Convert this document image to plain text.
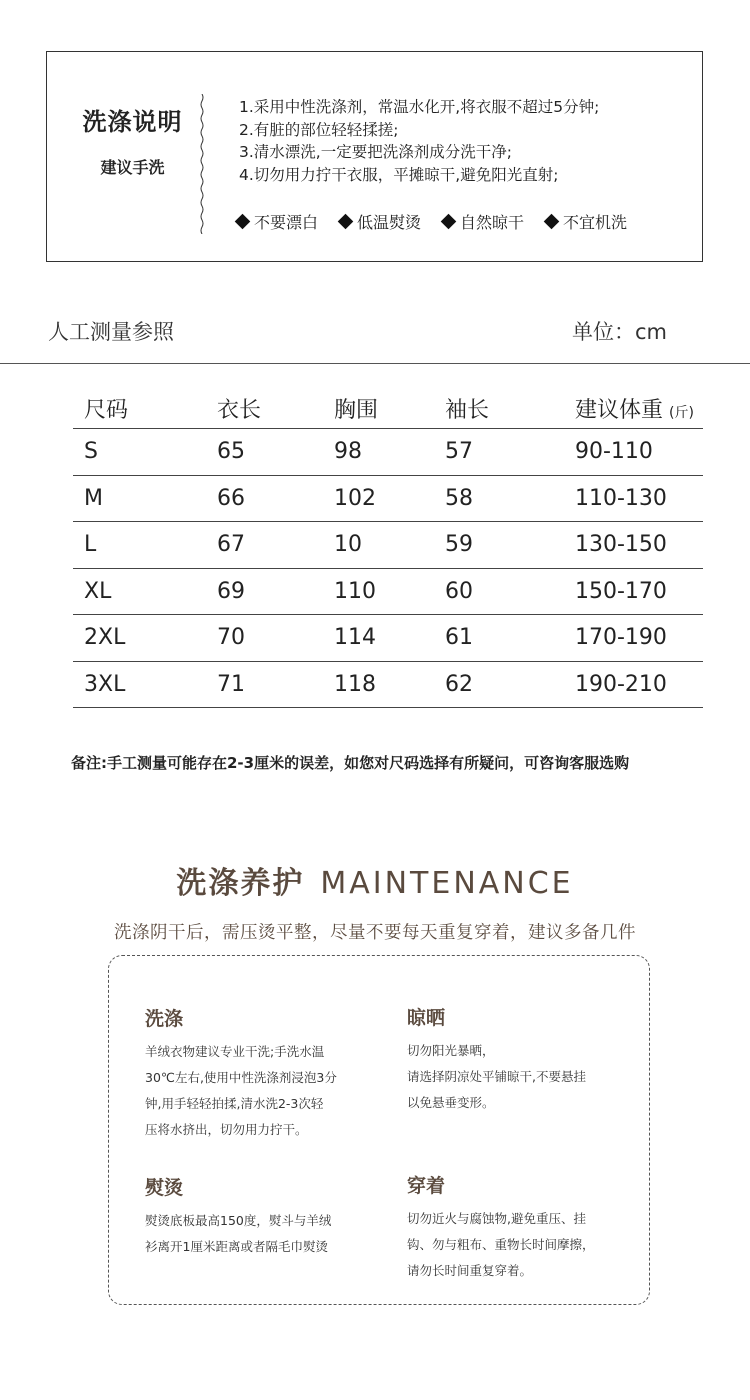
洗涤说明
建议手洗
1.采用中性洗涤剂，常温水化开,将衣服不超过5分钟;
2.有脏的部位轻轻揉搓;
3.清水漂洗,一定要把洗涤剂成分洗干净;
4.切勿用力拧干衣服，平摊晾干,避免阳光直射;
不要漂白 低温熨烫 自然晾干 不宜机洗
人工测量参照	单位：cm
尺码	衣长	胸围	袖长	建议体重 (斤)
S	65	98	57	90-110
M	66	102	58	110-130
L	67	10	59	130-150
XL	69	110	60	150-170
2XL	70	114	61	170-190
3XL	71	118	62	190-210
备注:手工测量可能存在2-3厘米的误差，如您对尺码选择有所疑问，可咨询客服选购
洗涤养护 MAINTENANCE
洗涤阴干后，需压烫平整，尽量不要每天重复穿着，建议多备几件
洗涤
羊绒衣物建议专业干洗;手洗水温
30℃左右,使用中性洗涤剂浸泡3分
钟,用手轻轻拍揉,清水洗2-3次轻
压将水挤出，切勿用力拧干。
晾晒
切勿阳光暴晒，
请选择阴凉处平铺晾干,不要悬挂
以免悬垂变形。
熨烫
熨烫底板最高150度，熨斗与羊绒
衫离开1厘米距离或者隔毛巾熨烫
穿着
切勿近火与腐蚀物,避免重压、挂
钩、勿与粗布、重物长时间摩擦，
请勿长时间重复穿着。
